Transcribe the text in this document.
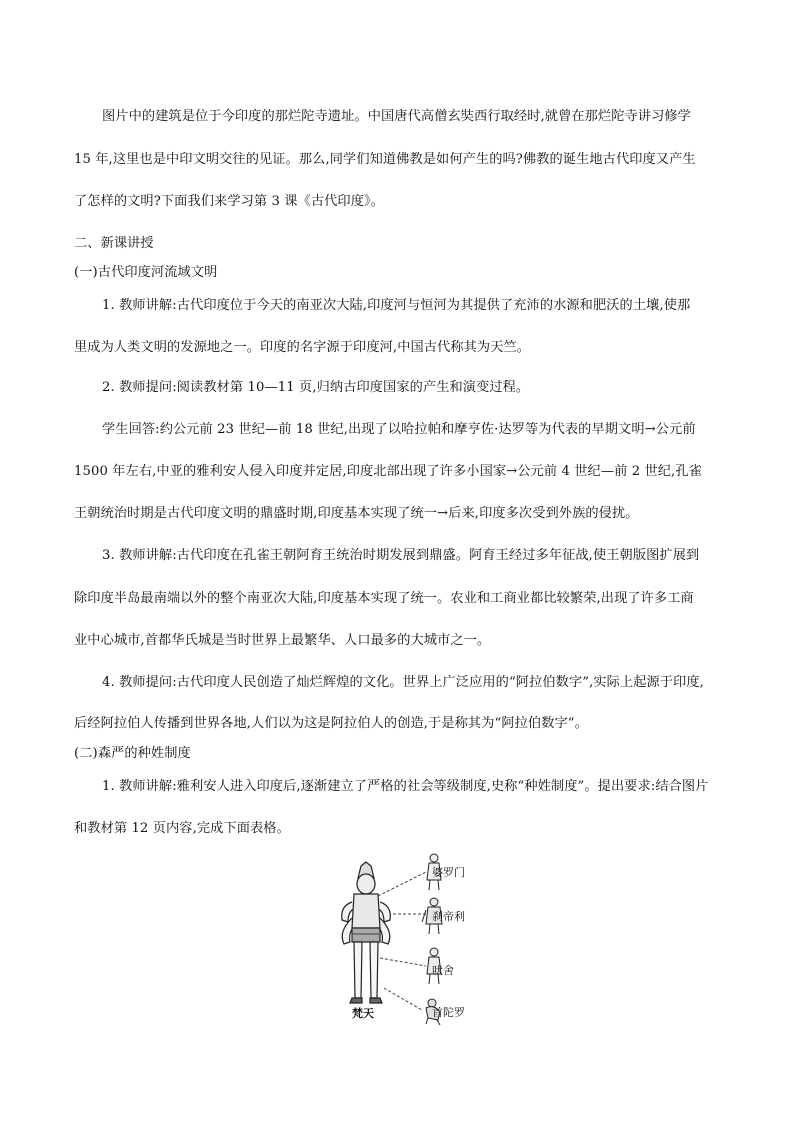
图片中的建筑是位于今印度的那烂陀寺遗址。中国唐代高僧玄奘西行取经时,就曾在那烂陀寺讲习修学
15 年,这里也是中印文明交往的见证。那么,同学们知道佛教是如何产生的吗?佛教的诞生地古代印度又产生
了怎样的文明?下面我们来学习第 3 课《古代印度》。
二、新课讲授
(一)古代印度河流域文明
1. 教师讲解:古代印度位于今天的南亚次大陆,印度河与恒河为其提供了充沛的水源和肥沃的土壤,使那
里成为人类文明的发源地之一。印度的名字源于印度河,中国古代称其为天竺。
2. 教师提问:阅读教材第 10—11 页,归纳古印度国家的产生和演变过程。
学生回答:约公元前 23 世纪—前 18 世纪,出现了以哈拉帕和摩亨佐·达罗等为代表的早期文明→公元前
1500 年左右,中亚的雅利安人侵入印度并定居,印度北部出现了许多小国家→公元前 4 世纪—前 2 世纪,孔雀
王朝统治时期是古代印度文明的鼎盛时期,印度基本实现了统一→后来,印度多次受到外族的侵扰。
3. 教师讲解:古代印度在孔雀王朝阿育王统治时期发展到鼎盛。阿育王经过多年征战,使王朝版图扩展到
除印度半岛最南端以外的整个南亚次大陆,印度基本实现了统一。农业和工商业都比较繁荣,出现了许多工商
业中心城市,首都华氏城是当时世界上最繁华、人口最多的大城市之一。
4. 教师提问:古代印度人民创造了灿烂辉煌的文化。世界上广泛应用的“阿拉伯数字”,实际上起源于印度,
后经阿拉伯人传播到世界各地,人们以为这是阿拉伯人的创造,于是称其为“阿拉伯数字”。
(二)森严的种姓制度
1. 教师讲解:雅利安人进入印度后,逐渐建立了严格的社会等级制度,史称“种姓制度”。提出要求:结合图片
和教材第 12 页内容,完成下面表格。
婆罗门
刹帝利
吠舍
首陀罗
梵天
